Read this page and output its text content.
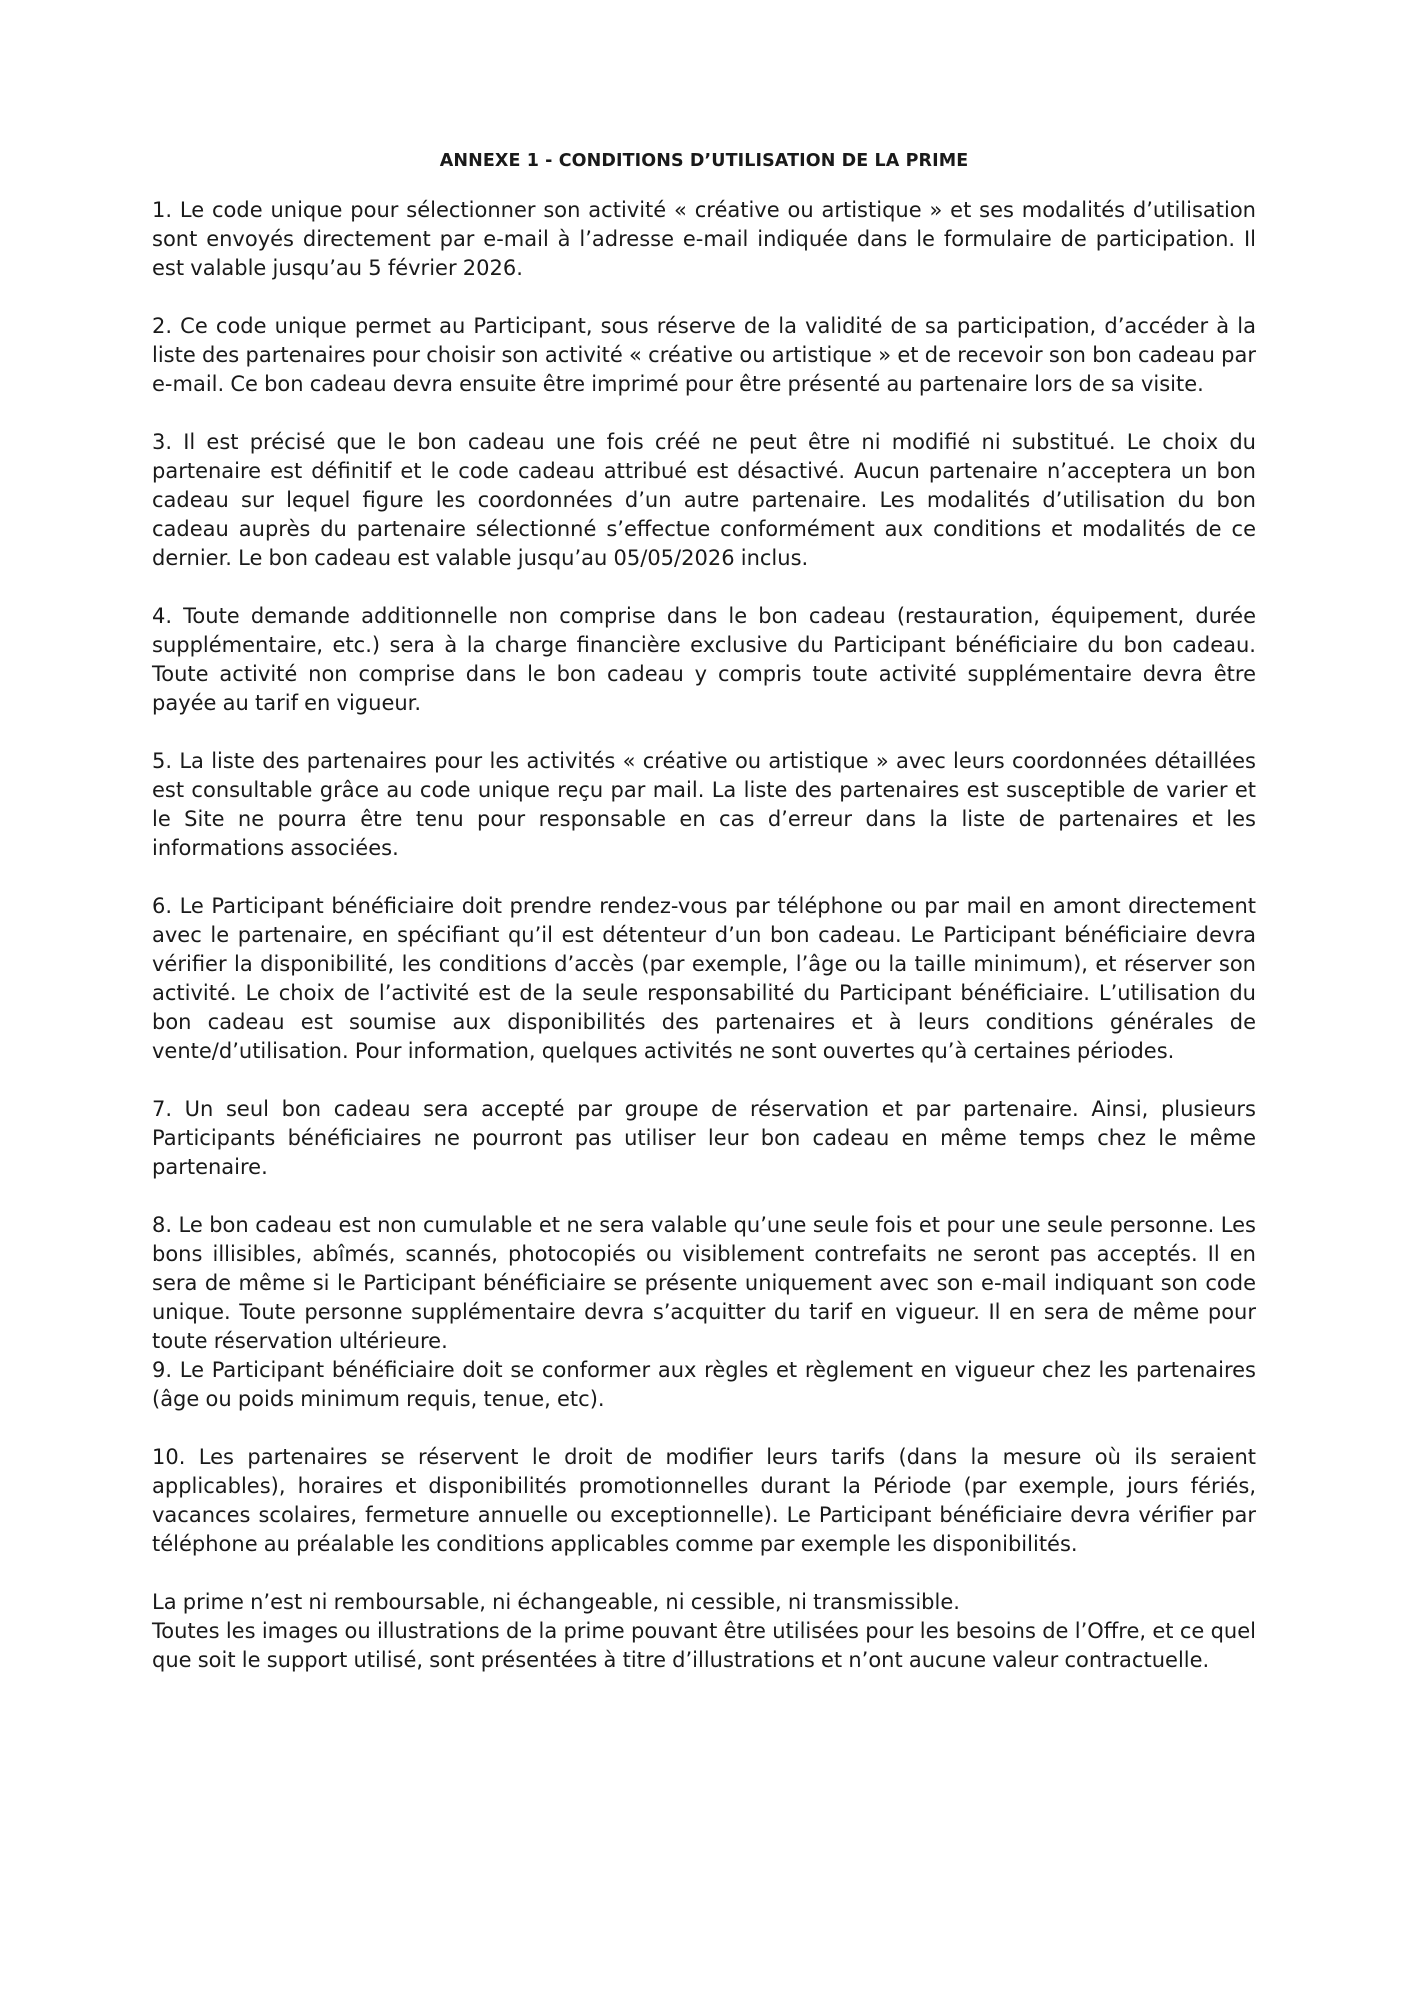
ANNEXE 1 - CONDITIONS D’UTILISATION DE LA PRIME

1. Le code unique pour sélectionner son activité « créative ou artistique » et ses modalités d’utilisation sont envoyés directement par e-mail à l’adresse e-mail indiquée dans le formulaire de participation. Il est valable jusqu’au 5 février 2026.

2. Ce code unique permet au Participant, sous réserve de la validité de sa participation, d’accéder à la liste des partenaires pour choisir son activité « créative ou artistique » et de recevoir son bon cadeau par e-mail. Ce bon cadeau devra ensuite être imprimé pour être présenté au partenaire lors de sa visite.

3. Il est précisé que le bon cadeau une fois créé ne peut être ni modifié ni substitué. Le choix du partenaire est définitif et le code cadeau attribué est désactivé. Aucun partenaire n’acceptera un bon cadeau sur lequel figure les coordonnées d’un autre partenaire. Les modalités d’utilisation du bon cadeau auprès du partenaire sélectionné s’effectue conformément aux conditions et modalités de ce dernier. Le bon cadeau est valable jusqu’au 05/05/2026 inclus.

4. Toute demande additionnelle non comprise dans le bon cadeau (restauration, équipement, durée supplémentaire, etc.) sera à la charge financière exclusive du Participant bénéficiaire du bon cadeau. Toute activité non comprise dans le bon cadeau y compris toute activité supplémentaire devra être payée au tarif en vigueur.

5. La liste des partenaires pour les activités « créative ou artistique » avec leurs coordonnées détaillées est consultable grâce au code unique reçu par mail. La liste des partenaires est susceptible de varier et le Site ne pourra être tenu pour responsable en cas d’erreur dans la liste de partenaires et les informations associées.

6. Le Participant bénéficiaire doit prendre rendez-vous par téléphone ou par mail en amont directement avec le partenaire, en spécifiant qu’il est détenteur d’un bon cadeau. Le Participant bénéficiaire devra vérifier la disponibilité, les conditions d’accès (par exemple, l’âge ou la taille minimum), et réserver son activité. Le choix de l’activité est de la seule responsabilité du Participant bénéficiaire. L’utilisation du bon cadeau est soumise aux disponibilités des partenaires et à leurs conditions générales de vente/d’utilisation. Pour information, quelques activités ne sont ouvertes qu’à certaines périodes.

7. Un seul bon cadeau sera accepté par groupe de réservation et par partenaire. Ainsi, plusieurs Participants bénéficiaires ne pourront pas utiliser leur bon cadeau en même temps chez le même partenaire.

8. Le bon cadeau est non cumulable et ne sera valable qu’une seule fois et pour une seule personne. Les bons illisibles, abîmés, scannés, photocopiés ou visiblement contrefaits ne seront pas acceptés. Il en sera de même si le Participant bénéficiaire se présente uniquement avec son e-mail indiquant son code unique. Toute personne supplémentaire devra s’acquitter du tarif en vigueur. Il en sera de même pour toute réservation ultérieure.

9. Le Participant bénéficiaire doit se conformer aux règles et règlement en vigueur chez les partenaires (âge ou poids minimum requis, tenue, etc).

10. Les partenaires se réservent le droit de modifier leurs tarifs (dans la mesure où ils seraient applicables), horaires et disponibilités promotionnelles durant la Période (par exemple, jours fériés, vacances scolaires, fermeture annuelle ou exceptionnelle). Le Participant bénéficiaire devra vérifier par téléphone au préalable les conditions applicables comme par exemple les disponibilités.

La prime n’est ni remboursable, ni échangeable, ni cessible, ni transmissible.

Toutes les images ou illustrations de la prime pouvant être utilisées pour les besoins de l’Offre, et ce quel que soit le support utilisé, sont présentées à titre d’illustrations et n’ont aucune valeur contractuelle.
